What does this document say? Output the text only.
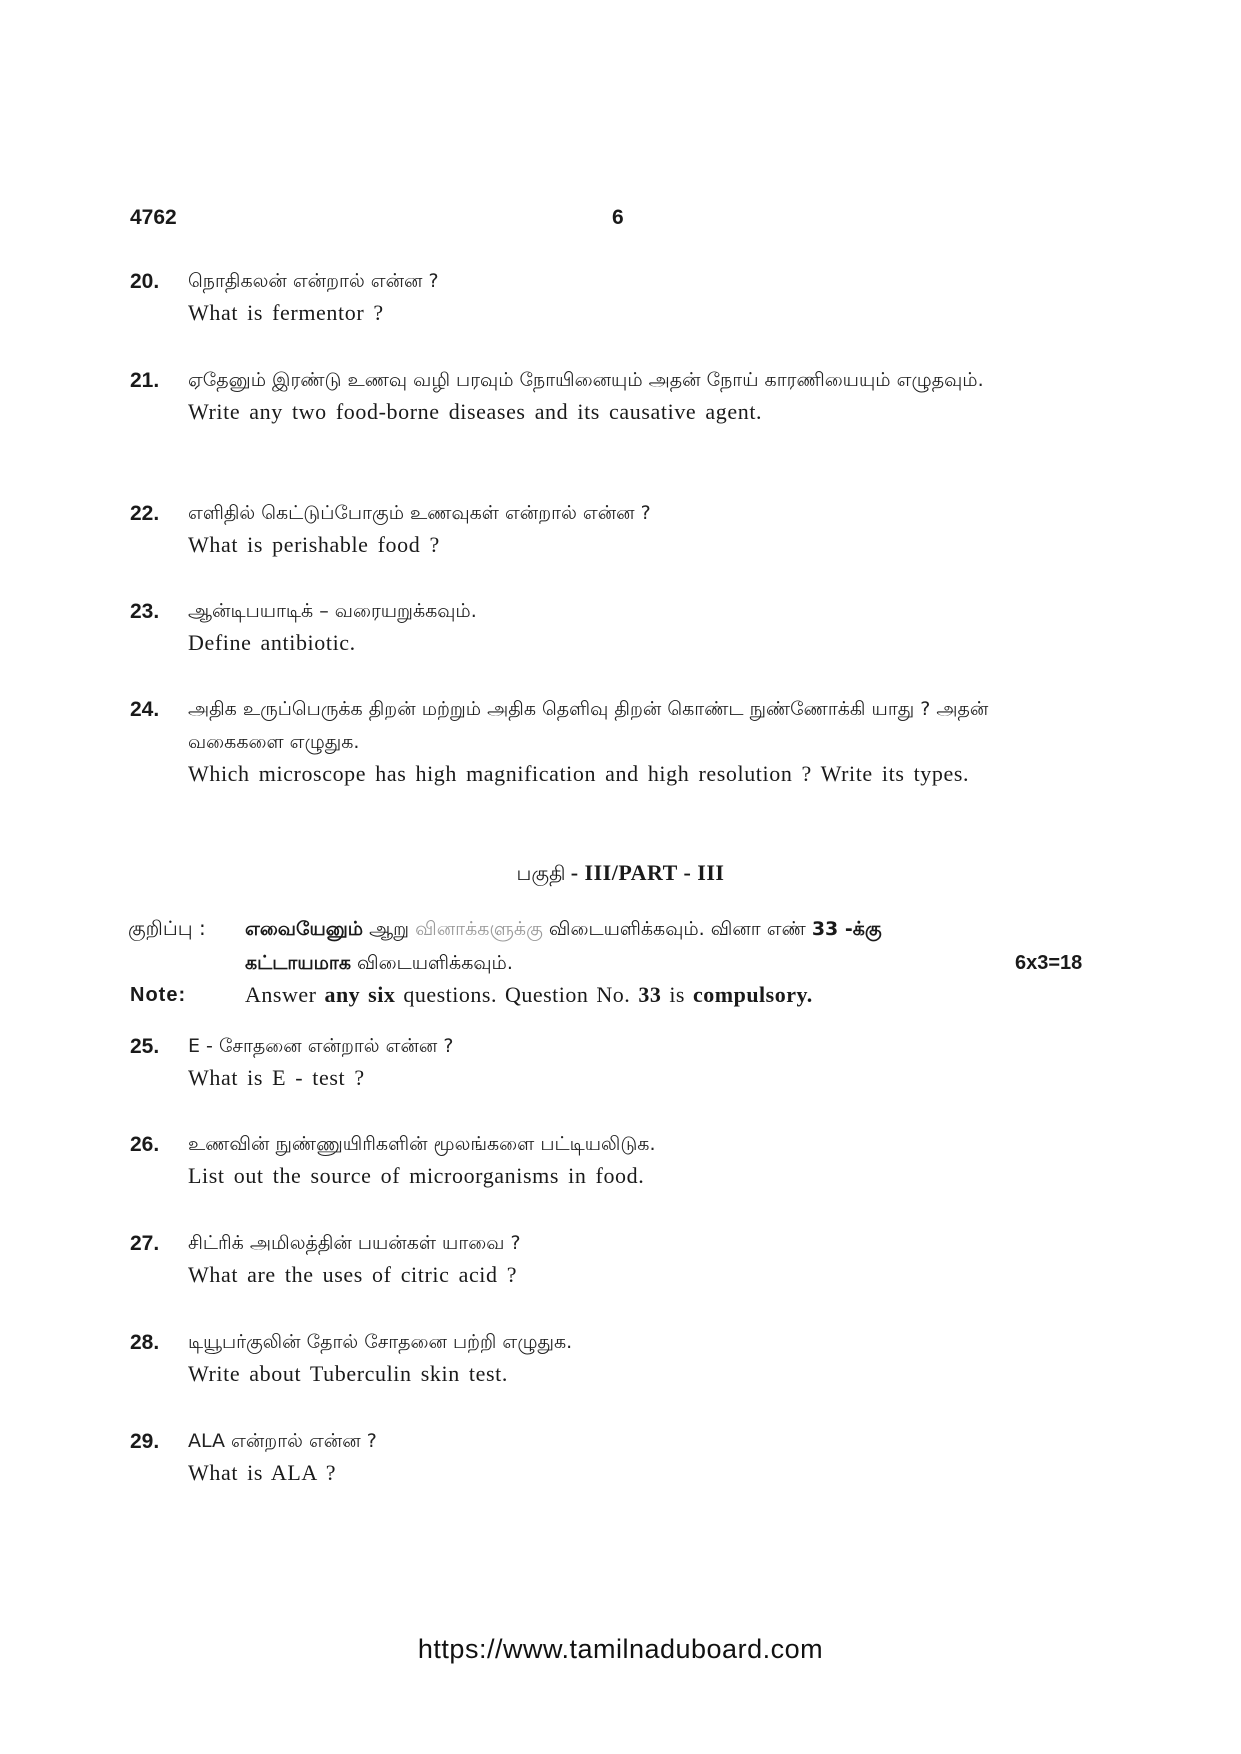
4762	6
20. நொதிகலன் என்றால் என்ன ?
What is fermentor ?
21. ஏதேனும் இரண்டு உணவு வழி பரவும் நோயினையும் அதன் நோய் காரணியையும் எழுதவும்.
Write any two food-borne diseases and its causative agent.
22. எளிதில் கெட்டுப்போகும் உணவுகள் என்றால் என்ன ?
What is perishable food ?
23. ஆன்டிபயாடிக் – வரையறுக்கவும்.
Define antibiotic.
24. அதிக உருப்பெருக்க திறன் மற்றும் அதிக தெளிவு திறன் கொண்ட நுண்ணோக்கி யாது ? அதன் வகைகளை எழுதுக.
Which microscope has high magnification and high resolution ? Write its types.
பகுதி - III/PART - III
குறிப்பு : எவையேனும் ஆறு வினாக்களுக்கு விடையளிக்கவும். வினா எண் 33 -க்கு
கட்டாயமாக விடையளிக்கவும்.	6x3=18
Note:	Answer any six questions. Question No. 33 is compulsory.
25. E - சோதனை என்றால் என்ன ?
What is E - test ?
26. உணவின் நுண்ணுயிரிகளின் மூலங்களை பட்டியலிடுக.
List out the source of microorganisms in food.
27. சிட்ரிக் அமிலத்தின் பயன்கள் யாவை ?
What are the uses of citric acid ?
28. டியூபர்குலின் தோல் சோதனை பற்றி எழுதுக.
Write about Tuberculin skin test.
29. ALA என்றால் என்ன ?
What is ALA ?
https://www.tamilnaduboard.com
